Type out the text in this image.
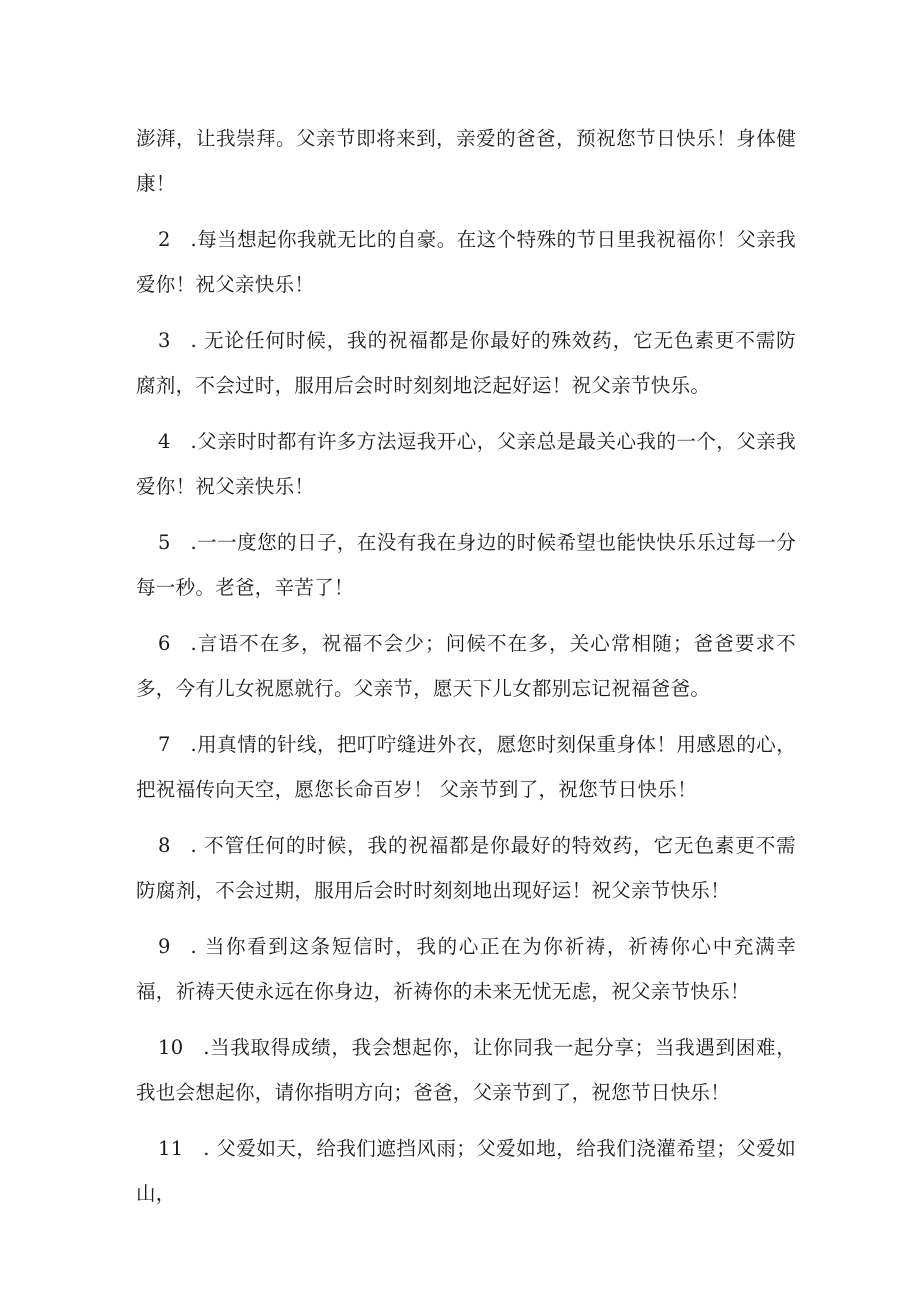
澎湃，让我崇拜。父亲节即将来到，亲爱的爸爸，预祝您节日快乐！身体健康！

2 .每当想起你我就无比的自豪。在这个特殊的节日里我祝福你！父亲我爱你！祝父亲快乐！

3 . 无论任何时候，我的祝福都是你最好的殊效药，它无色素更不需防腐剂，不会过时，服用后会时时刻刻地泛起好运！祝父亲节快乐。

4 .父亲时时都有许多方法逗我开心，父亲总是最关心我的一个，父亲我爱你！祝父亲快乐！

5 .一一度您的日子，在没有我在身边的时候希望也能快快乐乐过每一分每一秒。老爸，辛苦了！

6 .言语不在多，祝福不会少；问候不在多，关心常相随；爸爸要求不多，今有儿女祝愿就行。父亲节，愿天下儿女都别忘记祝福爸爸。

7 .用真情的针线，把叮咛缝进外衣，愿您时刻保重身体！用感恩的心，把祝福传向天空，愿您长命百岁！ 父亲节到了，祝您节日快乐！

8 . 不管任何的时候，我的祝福都是你最好的特效药，它无色素更不需防腐剂，不会过期，服用后会时时刻刻地出现好运！祝父亲节快乐！

9 . 当你看到这条短信时，我的心正在为你祈祷，祈祷你心中充满幸福，祈祷天使永远在你身边，祈祷你的未来无忧无虑，祝父亲节快乐！

10 .当我取得成绩，我会想起你，让你同我一起分享；当我遇到困难，我也会想起你，请你指明方向；爸爸，父亲节到了，祝您节日快乐！

11 . 父爱如天，给我们遮挡风雨；父爱如地，给我们浇灌希望；父爱如山，
